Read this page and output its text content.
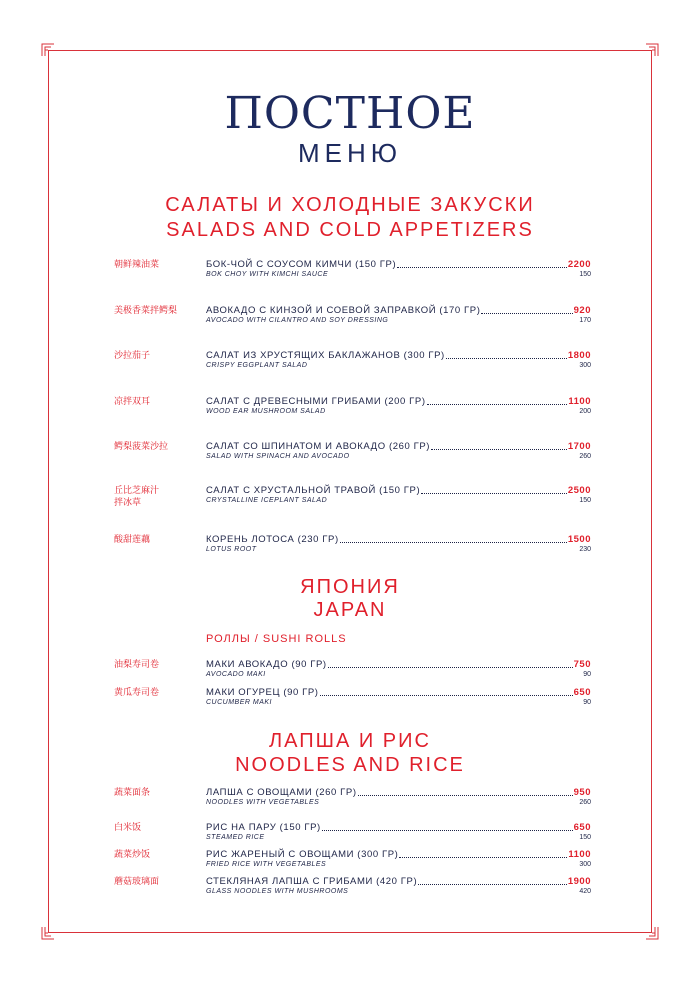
ПОСТНОЕ
МЕНЮ
САЛАТЫ И ХОЛОДНЫЕ ЗАКУСКИ
SALADS AND COLD APPETIZERS
朝鲜辣油菜	БОК-ЧОЙ С СОУСОМ КИМЧИ (150 ГР)	2200
BOK CHOY WITH KIMCHI SAUCE	150
美极香菜拌鳄梨	АВОКАДО С КИНЗОЙ И СОЕВОЙ ЗАПРАВКОЙ (170 ГР)	920
AVOCADO WITH CILANTRO AND SOY DRESSING	170
沙拉茄子	САЛАТ ИЗ ХРУСТЯЩИХ БАКЛАЖАНОВ (300 ГР)	1800
CRISPY EGGPLANT SALAD	300
凉拌双耳	САЛАТ С ДРЕВЕСНЫМИ ГРИБАМИ (200 ГР)	1100
WOOD EAR MUSHROOM SALAD	200
鳄梨菠菜沙拉	САЛАТ СО ШПИНАТОМ И АВОКАДО (260 ГР)	1700
SALAD WITH SPINACH AND AVOCADO	260
丘比芝麻汁
拌冰草
САЛАТ С ХРУСТАЛЬНОЙ ТРАВОЙ (150 ГР)	2500
CRYSTALLINE ICEPLANT SALAD	150
酸甜莲藕	КОРЕНЬ ЛОТОСА (230 ГР)	1500
LOTUS ROOT	230
ЯПОНИЯ
JAPAN
РОЛЛЫ / SUSHI ROLLS
油梨寿司卷	МАКИ АВОКАДО (90 ГР)	750
AVOCADO MAKI	90
黄瓜寿司卷	МАКИ ОГУРЕЦ (90 ГР)	650
CUCUMBER MAKI	90
ЛАПША И РИС
NOODLES AND RICE
蔬菜面条	ЛАПША С ОВОЩАМИ (260 ГР)	950
NOODLES WITH VEGETABLES	260
白米饭	РИС НА ПАРУ (150 ГР)	650
STEAMED RICE	150
蔬菜炒饭	РИС ЖАРЕНЫЙ С ОВОЩАМИ (300 ГР)	1100
FRIED RICE WITH VEGETABLES	300
蘑菇玻璃面	СТЕКЛЯНАЯ ЛАПША С ГРИБАМИ (420 ГР)	1900
GLASS NOODLES WITH MUSHROOMS	420
